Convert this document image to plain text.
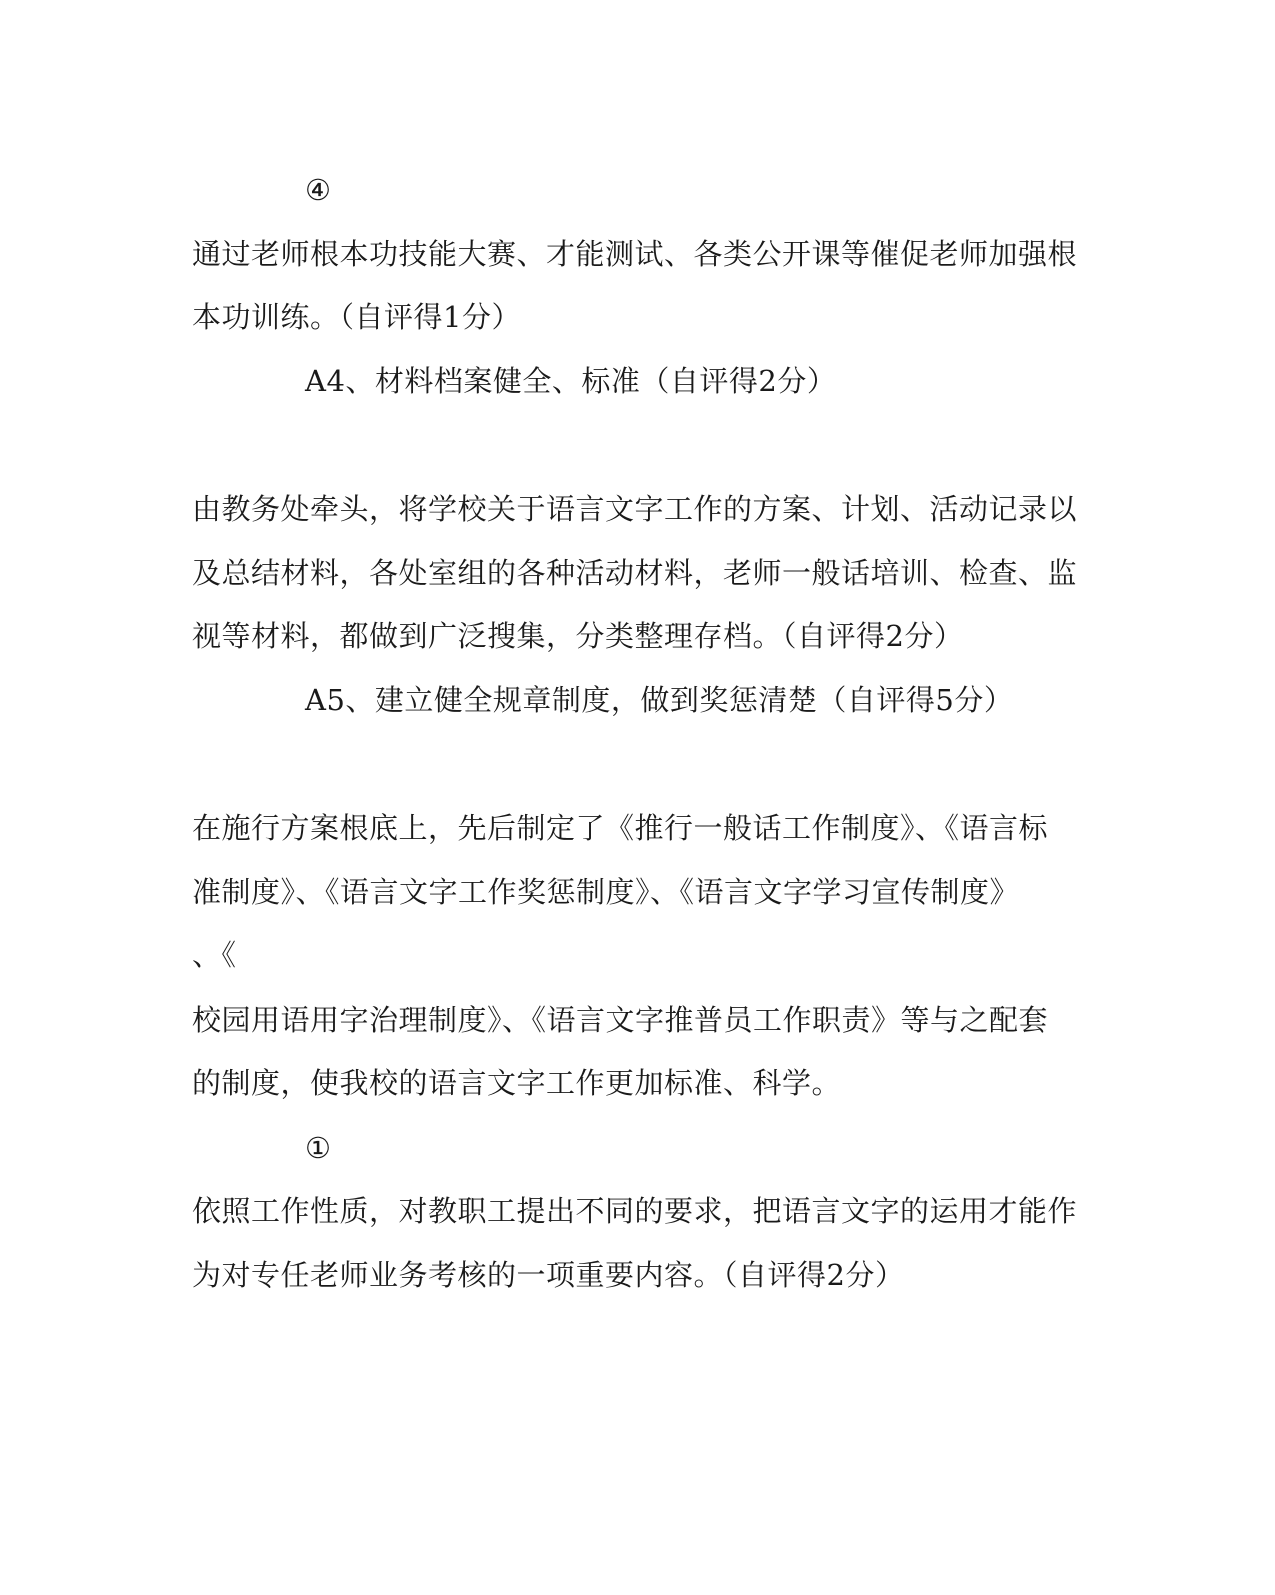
④
通过老师根本功技能大赛、才能测试、各类公开课等催促老师加强根
本功训练。（自评得1分）
A4、材料档案健全、标准（自评得2分）
由教务处牵头，将学校关于语言文字工作的方案、计划、活动记录以
及总结材料，各处室组的各种活动材料，老师一般话培训、检查、监
视等材料，都做到广泛搜集，分类整理存档。（自评得2分）
A5、建立健全规章制度，做到奖惩清楚（自评得5分）
在施行方案根底上，先后制定了《推行一般话工作制度》、《语言标
准制度》、《语言文字工作奖惩制度》、《语言文字学习宣传制度》
、《
校园用语用字治理制度》、《语言文字推普员工作职责》等与之配套
的制度，使我校的语言文字工作更加标准、科学。
①
依照工作性质，对教职工提出不同的要求，把语言文字的运用才能作
为对专任老师业务考核的一项重要内容。（自评得2分）
